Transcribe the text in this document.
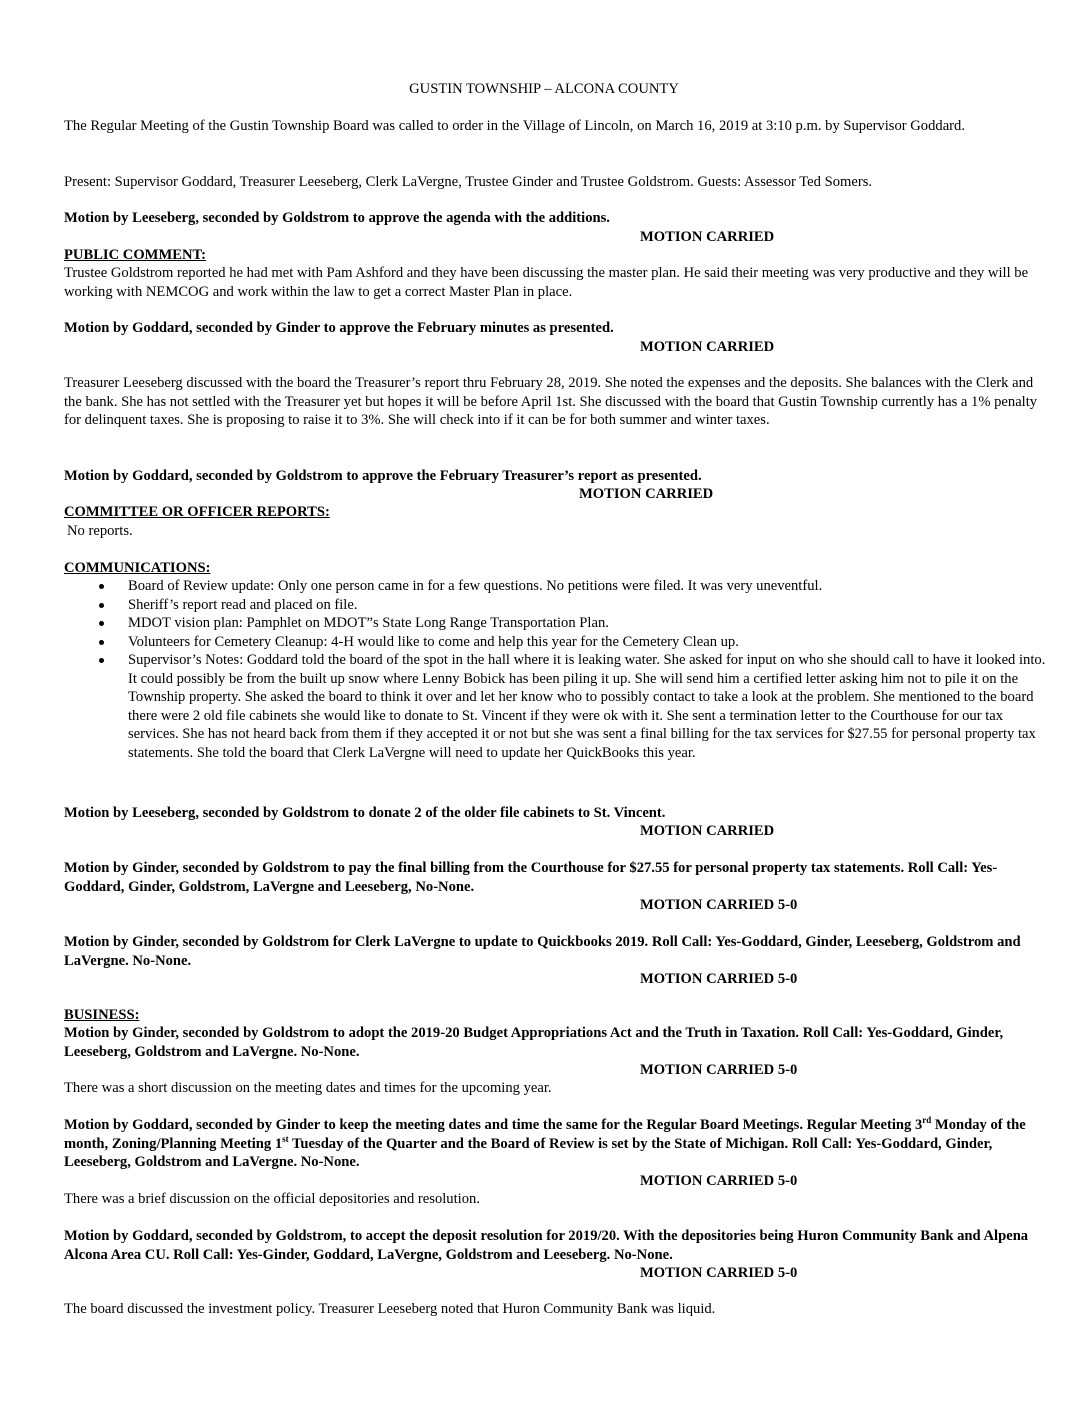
GUSTIN TOWNSHIP – ALCONA COUNTY
The Regular Meeting of the Gustin Township Board was called to order in the Village of Lincoln, on March 16, 2019 at 3:10 p.m. by Supervisor Goddard.
Present: Supervisor Goddard, Treasurer Leeseberg, Clerk LaVergne, Trustee Ginder and Trustee Goldstrom. Guests: Assessor Ted Somers.
Motion by Leeseberg, seconded by Goldstrom to approve the agenda with the additions.
MOTION CARRIED
PUBLIC COMMENT:
Trustee Goldstrom reported he had met with Pam Ashford and they have been discussing the master plan. He said their meeting was very productive and they will be working with NEMCOG and work within the law to get a correct Master Plan in place.
Motion by Goddard, seconded by Ginder to approve the February minutes as presented.
MOTION CARRIED
Treasurer Leeseberg discussed with the board the Treasurer’s report thru February 28, 2019. She noted the expenses and the deposits. She balances with the Clerk and the bank. She has not settled with the Treasurer yet but hopes it will be before April 1st. She discussed with the board that Gustin Township currently has a 1% penalty for delinquent taxes. She is proposing to raise it to 3%. She will check into if it can be for both summer and winter taxes.
Motion by Goddard, seconded by Goldstrom to approve the February Treasurer’s report as presented.
MOTION CARRIED
COMMITTEE OR OFFICER REPORTS:
No reports.
COMMUNICATIONS:
Board of Review update: Only one person came in for a few questions. No petitions were filed. It was very uneventful.
Sheriff’s report read and placed on file.
MDOT vision plan: Pamphlet on MDOT”s State Long Range Transportation Plan.
Volunteers for Cemetery Cleanup: 4-H would like to come and help this year for the Cemetery Clean up.
Supervisor’s Notes: Goddard told the board of the spot in the hall where it is leaking water. She asked for input on who she should call to have it looked into. It could possibly be from the built up snow where Lenny Bobick has been piling it up. She will send him a certified letter asking him not to pile it on the Township property. She asked the board to think it over and let her know who to possibly contact to take a look at the problem. She mentioned to the board there were 2 old file cabinets she would like to donate to St. Vincent if they were ok with it. She sent a termination letter to the Courthouse for our tax services. She has not heard back from them if they accepted it or not but she was sent a final billing for the tax services for $27.55 for personal property tax statements. She told the board that Clerk LaVergne will need to update her QuickBooks this year.
Motion by Leeseberg, seconded by Goldstrom to donate 2 of the older file cabinets to St. Vincent.
MOTION CARRIED
Motion by Ginder, seconded by Goldstrom to pay the final billing from the Courthouse for $27.55 for personal property tax statements. Roll Call: Yes-Goddard, Ginder, Goldstrom, LaVergne and Leeseberg, No-None.
MOTION CARRIED 5-0
Motion by Ginder, seconded by Goldstrom for Clerk LaVergne to update to Quickbooks 2019. Roll Call: Yes-Goddard, Ginder, Leeseberg, Goldstrom and LaVergne. No-None.
MOTION CARRIED 5-0
BUSINESS:
Motion by Ginder, seconded by Goldstrom to adopt the 2019-20 Budget Appropriations Act and the Truth in Taxation. Roll Call: Yes-Goddard, Ginder, Leeseberg, Goldstrom and LaVergne. No-None.
MOTION CARRIED 5-0
There was a short discussion on the meeting dates and times for the upcoming year.
Motion by Goddard, seconded by Ginder to keep the meeting dates and time the same for the Regular Board Meetings. Regular Meeting 3rd Monday of the month, Zoning/Planning Meeting 1st Tuesday of the Quarter and the Board of Review is set by the State of Michigan. Roll Call: Yes-Goddard, Ginder, Leeseberg, Goldstrom and LaVergne. No-None.
MOTION CARRIED 5-0
There was a brief discussion on the official depositories and resolution.
Motion by Goddard, seconded by Goldstrom, to accept the deposit resolution for 2019/20. With the depositories being Huron Community Bank and Alpena Alcona Area CU. Roll Call: Yes-Ginder, Goddard, LaVergne, Goldstrom and Leeseberg. No-None.
MOTION CARRIED 5-0
The board discussed the investment policy. Treasurer Leeseberg noted that Huron Community Bank was liquid.
